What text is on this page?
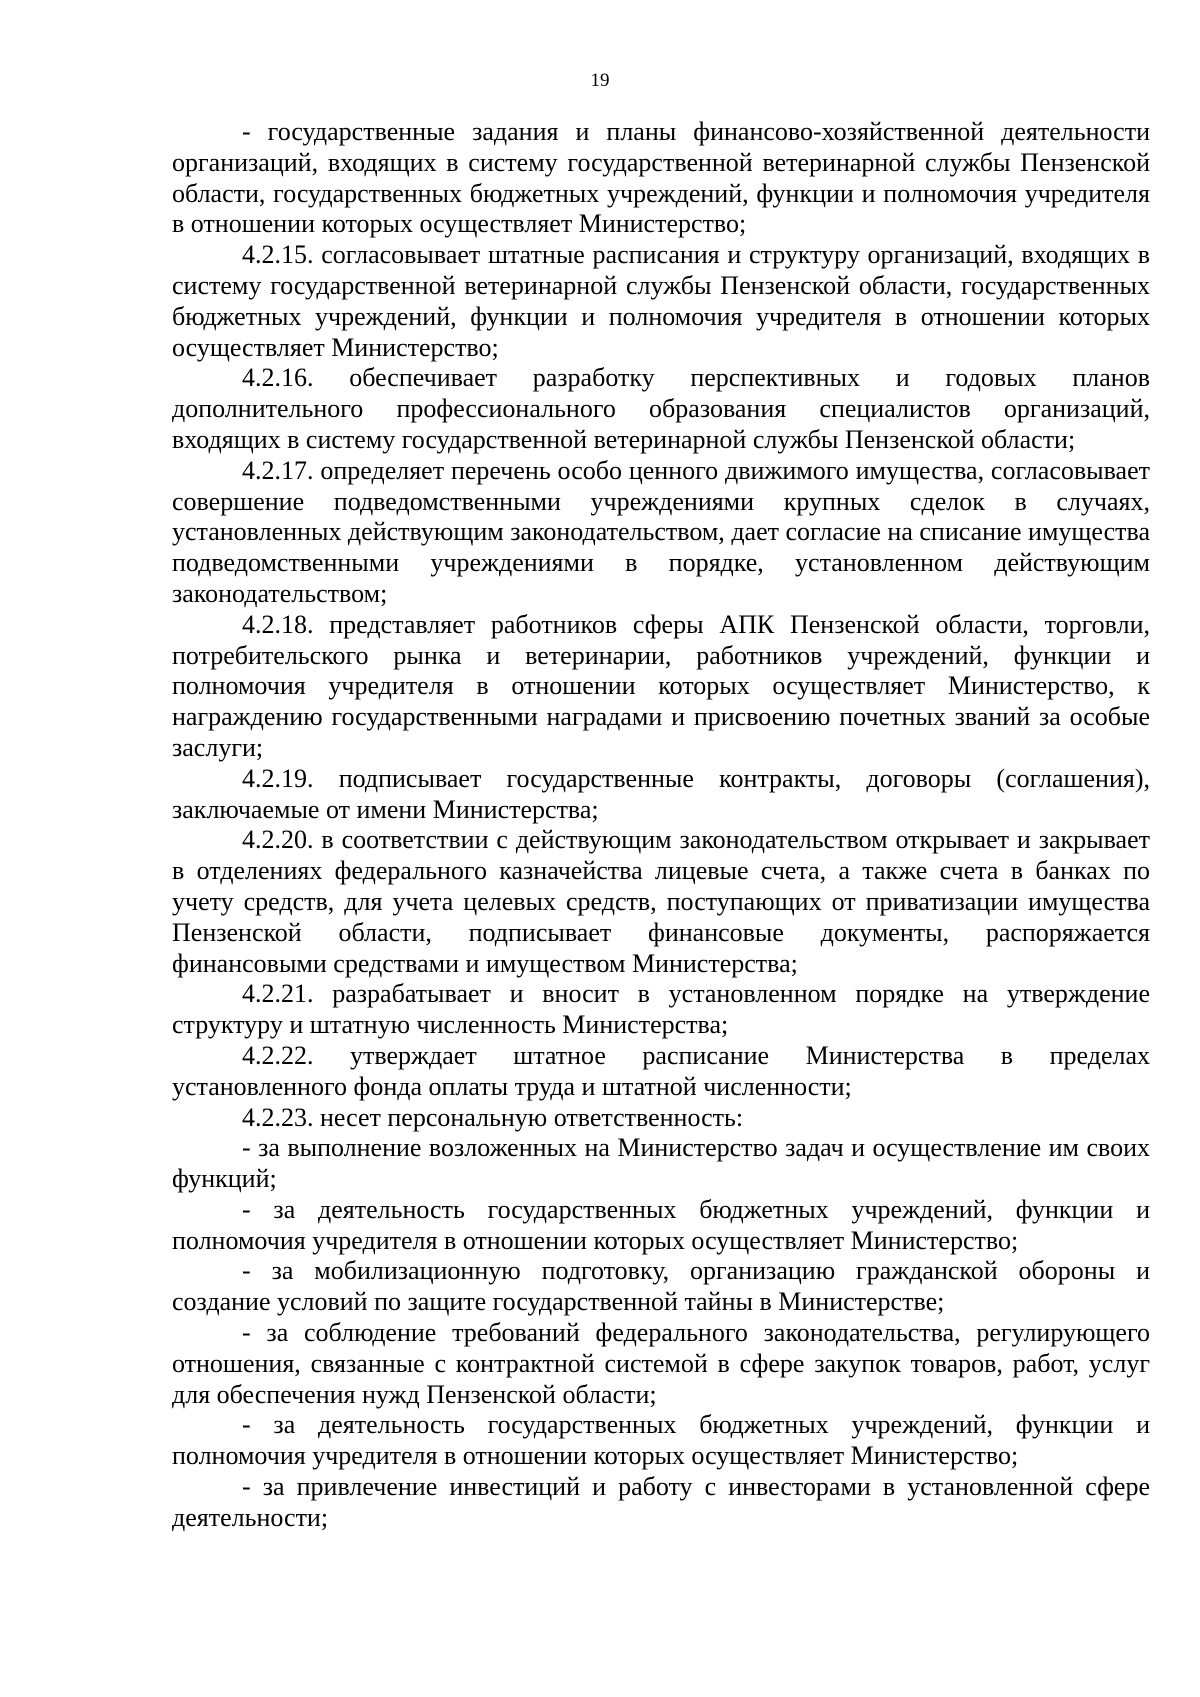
19

- государственные задания и планы финансово-хозяйственной деятельности организаций, входящих в систему государственной ветеринарной службы Пензенской области, государственных бюджетных учреждений, функции и полномочия учредителя в отношении которых осуществляет Министерство;

4.2.15. согласовывает штатные расписания и структуру организаций, входящих в систему государственной ветеринарной службы Пензенской области, государственных бюджетных учреждений, функции и полномочия учредителя в отношении которых осуществляет Министерство;

4.2.16. обеспечивает разработку перспективных и годовых планов дополнительного профессионального образования специалистов организаций, входящих в систему государственной ветеринарной службы Пензенской области;

4.2.17. определяет перечень особо ценного движимого имущества, согласовывает совершение подведомственными учреждениями крупных сделок в случаях, установленных действующим законодательством, дает согласие на списание имущества подведомственными учреждениями в порядке, установленном действующим законодательством;

4.2.18. представляет работников сферы АПК Пензенской области, торговли, потребительского рынка и ветеринарии, работников учреждений, функции и полномочия учредителя в отношении которых осуществляет Министерство, к награждению государственными наградами и присвоению почетных званий за особые заслуги;

4.2.19. подписывает государственные контракты, договоры (соглашения), заключаемые от имени Министерства;

4.2.20. в соответствии с действующим законодательством открывает и закрывает в отделениях федерального казначейства лицевые счета, а также счета в банках по учету средств, для учета целевых средств, поступающих от приватизации имущества Пензенской области, подписывает финансовые документы, распоряжается финансовыми средствами и имуществом Министерства;

4.2.21. разрабатывает и вносит в установленном порядке на утверждение структуру и штатную численность Министерства;

4.2.22. утверждает штатное расписание Министерства в пределах установленного фонда оплаты труда и штатной численности;

4.2.23. несет персональную ответственность:

- за выполнение возложенных на Министерство задач и осуществление им своих функций;

- за деятельность государственных бюджетных учреждений, функции и полномочия учредителя в отношении которых осуществляет Министерство;

- за мобилизационную подготовку, организацию гражданской обороны и создание условий по защите государственной тайны в Министерстве;

- за соблюдение требований федерального законодательства, регулирующего отношения, связанные с контрактной системой в сфере закупок товаров, работ, услуг для обеспечения нужд Пензенской области;

- за деятельность государственных бюджетных учреждений, функции и полномочия учредителя в отношении которых осуществляет Министерство;

- за привлечение инвестиций и работу с инвесторами в установленной сфере деятельности;
